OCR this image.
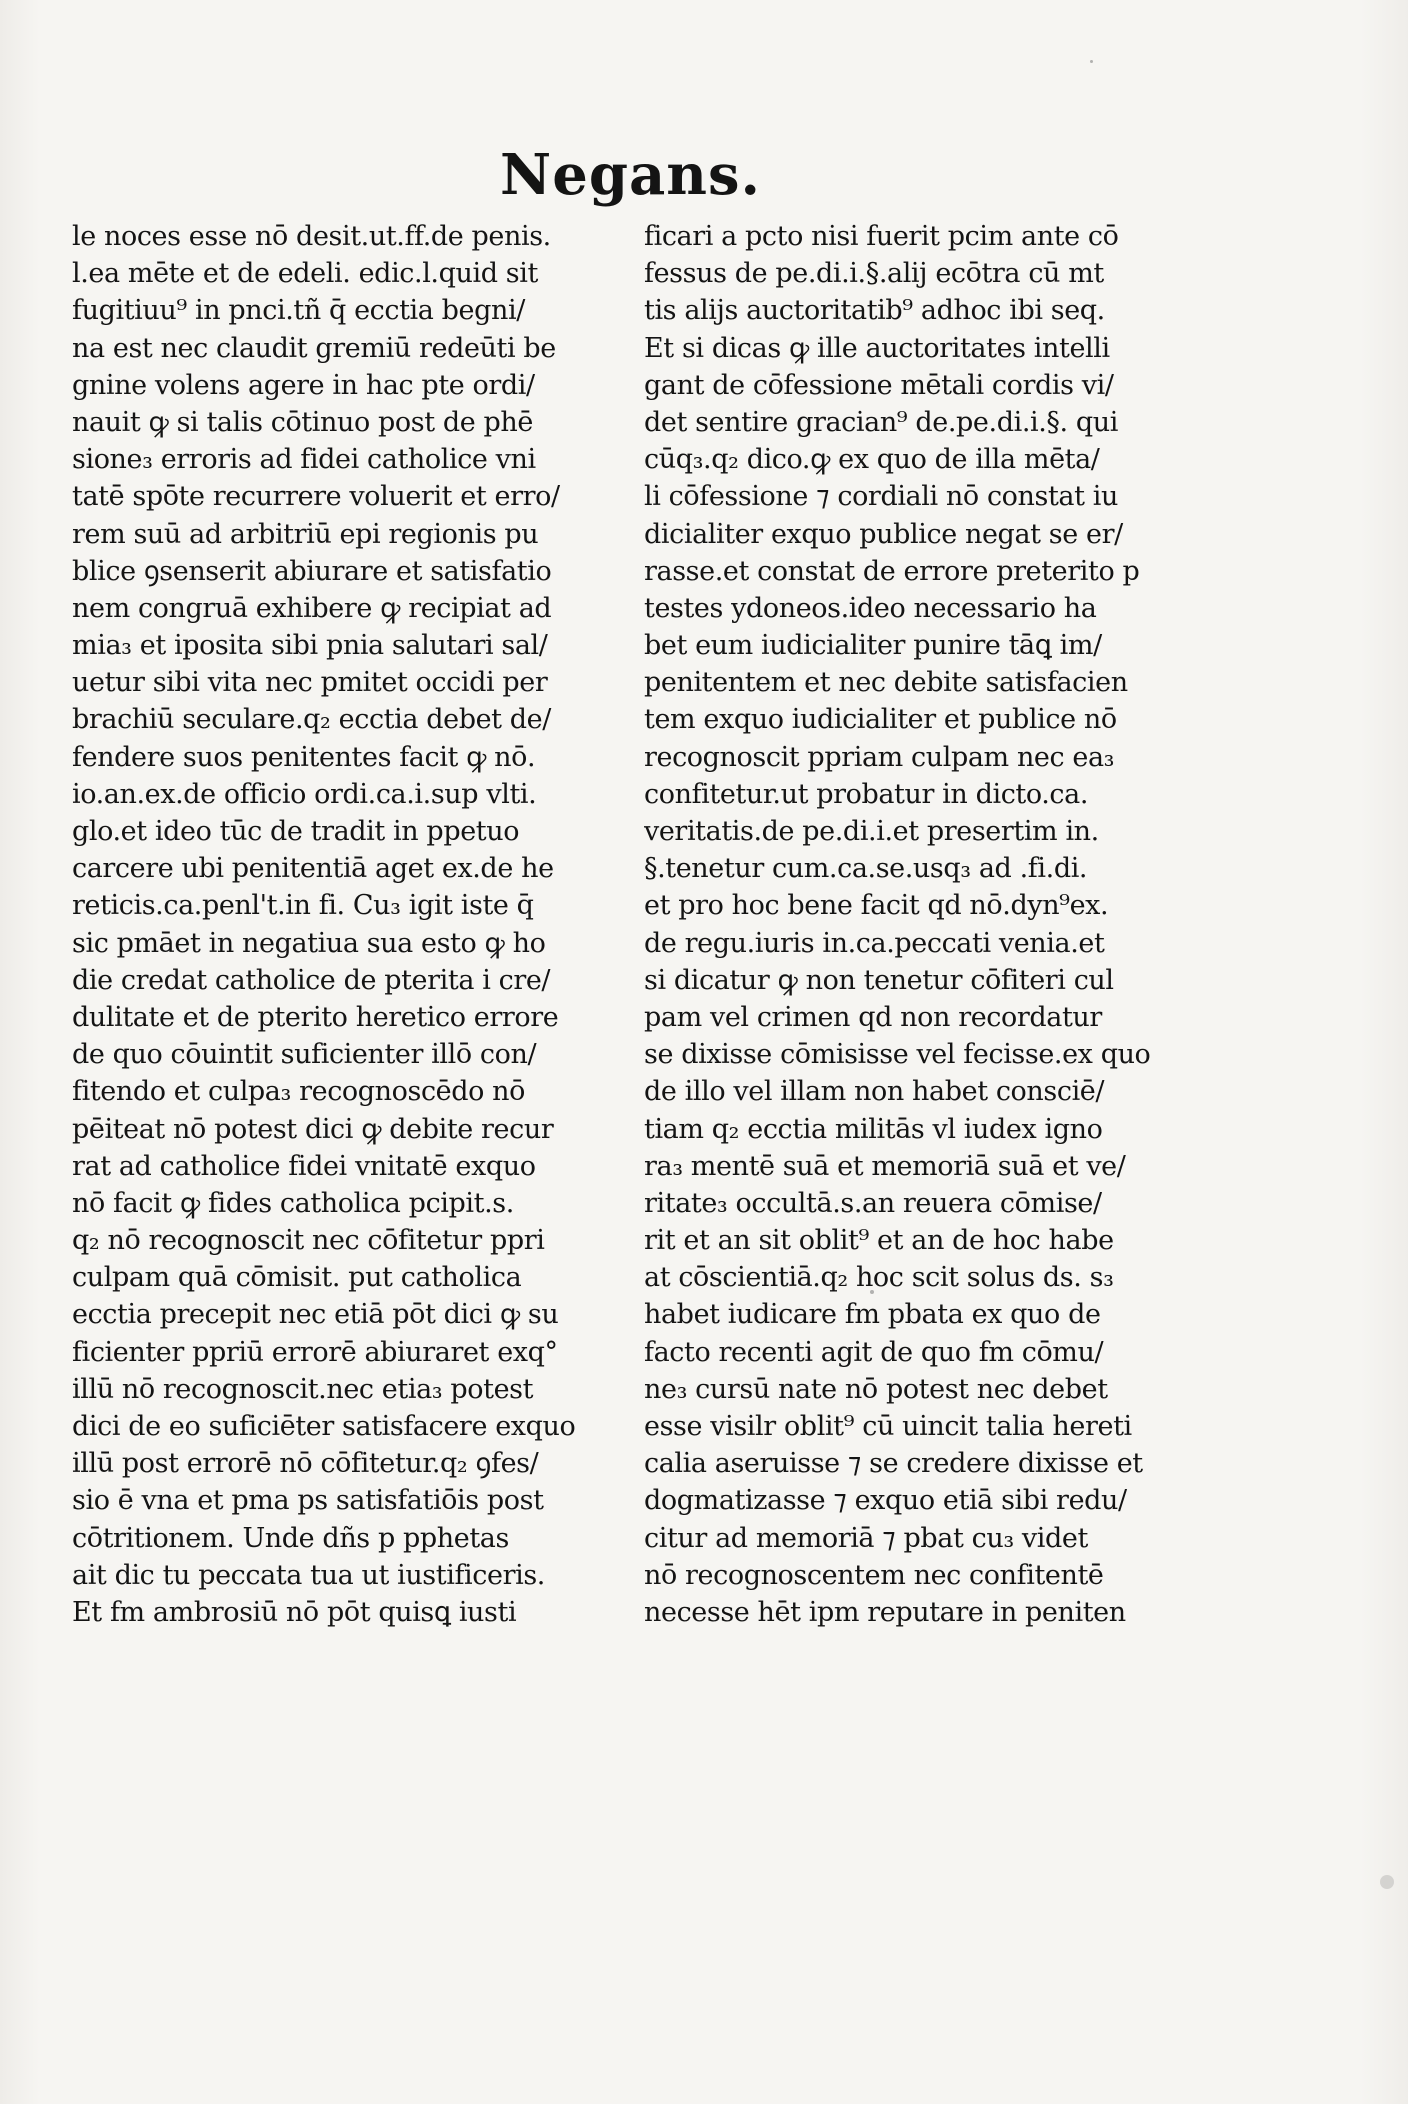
Negans.
le noces esse nō desit.ut.ff.de penis.
l.ea mēte et de edeli. edic.l.quid sit
fugitiuu⁹ in pnci.tñ q̄ ecctia begni/
na est nec claudit gremiū redeūti be
gnine volens agere in hac pte ordi/
nauit ꝙ si talis cōtinuo post de phē
sione₃ erroris ad fidei catholice vni
tatē spōte recurrere voluerit et erro/
rem suū ad arbitriū epi regionis pu
blice ꝯsenserit abiurare et satisfatio
nem congruā exhibere ꝙ recipiat ad
mia₃ et iposita sibi pnia salutari sal/
uetur sibi vita nec pmitet occidi per
brachiū seculare.q₂ ecctia debet de/
fendere suos penitentes facit ꝙ nō.
io.an.ex.de officio ordi.ca.i.sup vlti.
glo.et ideo tūc de tradit in ppetuo
carcere ubi penitentiā aget ex.de he
reticis.ca.penl't.in fi. Cu₃ igit iste q̄
sic pmāet in negatiua sua esto ꝙ ho
die credat catholice de pterita i cre/
dulitate et de pterito heretico errore
de quo cōuintit suficienter illō con/
fitendo et culpa₃ recognoscēdo nō
pēiteat nō potest dici ꝙ debite recur
rat ad catholice fidei vnitatē exquo
nō facit ꝙ fides catholica pcipit.s.
q₂ nō recognoscit nec cōfitetur ppri
culpam quā cōmisit. put catholica
ecctia precepit nec etiā pōt dici ꝙ su
ficienter ppriū errorē abiuraret exq°
illū nō recognoscit.nec etia₃ potest
dici de eo suficiēter satisfacere exquo
illū post errorē nō cōfitetur.q₂ ꝯfes/
sio ē vna et pma ps satisfatiōis post
cōtritionem. Unde dñs p pphetas
ait dic tu peccata tua ut iustificeris.
Et fm ambrosiū nō pōt quisꝗ iusti
ficari a pcto nisi fuerit pcim ante cō
fessus de pe.di.i.§.alij ecōtra cū mt
tis alijs auctoritatib⁹ adhoc ibi seq.
Et si dicas ꝙ ille auctoritates intelli
gant de cōfessione mētali cordis vi/
det sentire gracian⁹ de.pe.di.i.§. qui
cūq₃.q₂ dico.ꝙ ex quo de illa mēta/
li cōfessione ⁊ cordiali nō constat iu
dicialiter exquo publice negat se er/
rasse.et constat de errore preterito p
testes ydoneos.ideo necessario ha
bet eum iudicialiter punire tāꝗ im/
penitentem et nec debite satisfacien
tem exquo iudicialiter et publice nō
recognoscit ppriam culpam nec ea₃
confitetur.ut probatur in dicto.ca.
veritatis.de pe.di.i.et presertim in.
§.tenetur cum.ca.se.usq₃ ad .fi.di.
et pro hoc bene facit qd nō.dyn⁹ex.
de regu.iuris in.ca.peccati venia.et
si dicatur ꝙ non tenetur cōfiteri cul
pam vel crimen qd non recordatur
se dixisse cōmisisse vel fecisse.ex quo
de illo vel illam non habet consciē/
tiam q₂ ecctia militās vl iudex igno
ra₃ mentē suā et memoriā suā et ve/
ritate₃ occultā.s.an reuera cōmise/
rit et an sit oblit⁹ et an de hoc habe
at cōscientiā.q₂ hoc scit solus ds. s₃
habet iudicare fm pbata ex quo de
facto recenti agit de quo fm cōmu/
ne₃ cursū nate nō potest nec debet
esse visilr oblit⁹ cū uincit talia hereti
calia aseruisse ⁊ se credere dixisse et
dogmatizasse ⁊ exquo etiā sibi redu/
citur ad memoriā ⁊ pbat cu₃ videt
nō recognoscentem nec confitentē
necesse hēt ipm reputare in peniten
